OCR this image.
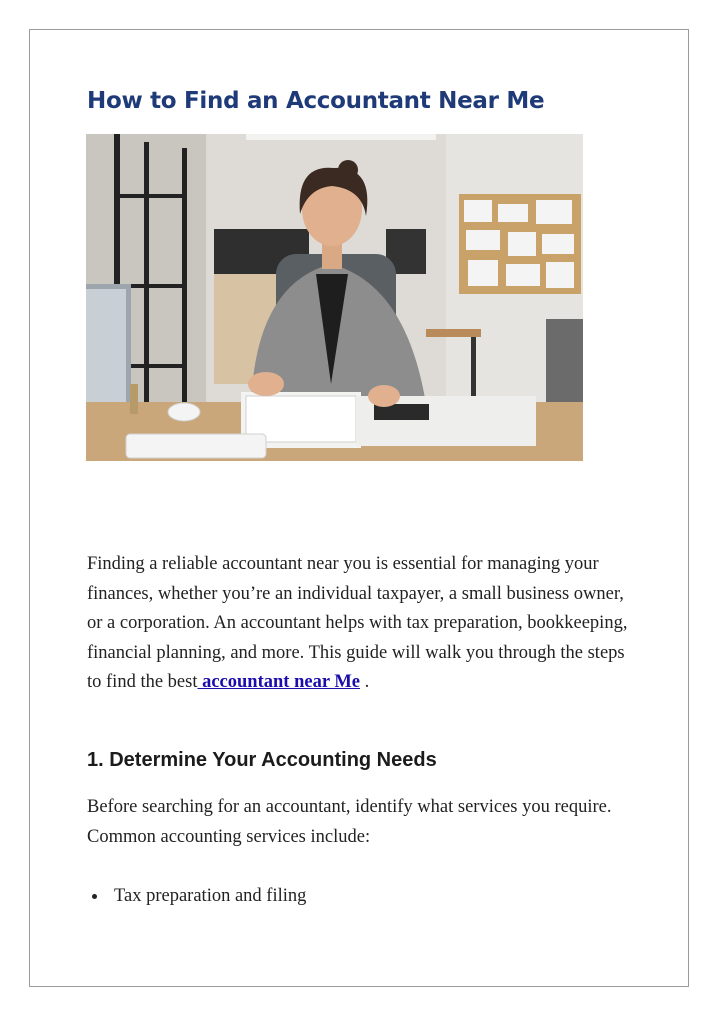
How to Find an Accountant Near Me

Finding a reliable accountant near you is essential for managing your finances, whether you’re an individual taxpayer, a small business owner, or a corporation. An accountant helps with tax preparation, bookkeeping, financial planning, and more. This guide will walk you through the steps to find the best accountant near Me .

1. Determine Your Accounting Needs

Before searching for an accountant, identify what services you require. Common accounting services include:

Tax preparation and filing
